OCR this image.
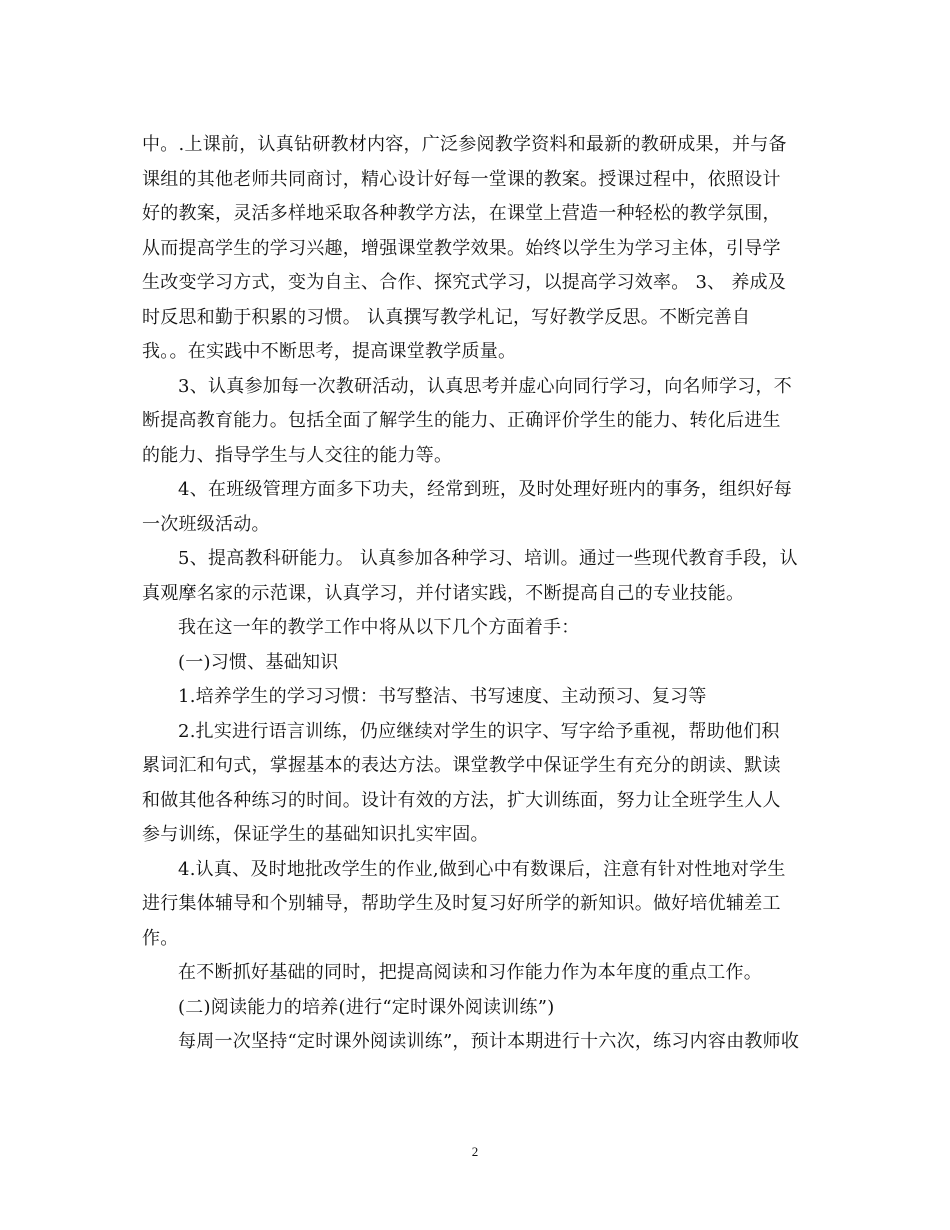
中。.上课前，认真钻研教材内容，广泛参阅教学资料和最新的教研成果，并与备
课组的其他老师共同商讨，精心设计好每一堂课的教案。授课过程中，依照设计
好的教案，灵活多样地采取各种教学方法，在课堂上营造一种轻松的教学氛围，
从而提高学生的学习兴趣，增强课堂教学效果。始终以学生为学习主体，引导学
生改变学习方式，变为自主、合作、探究式学习，以提高学习效率。 3、 养成及
时反思和勤于积累的习惯。 认真撰写教学札记，写好教学反思。不断完善自
我。。在实践中不断思考，提高课堂教学质量。
3、认真参加每一次教研活动，认真思考并虚心向同行学习，向名师学习，不
断提高教育能力。包括全面了解学生的能力、正确评价学生的能力、转化后进生
的能力、指导学生与人交往的能力等。
4、在班级管理方面多下功夫，经常到班，及时处理好班内的事务，组织好每
一次班级活动。
5、提高教科研能力。 认真参加各种学习、培训。通过一些现代教育手段，认
真观摩名家的示范课，认真学习，并付诸实践，不断提高自己的专业技能。
我在这一年的教学工作中将从以下几个方面着手：
(一)习惯、基础知识
1.培养学生的学习习惯：书写整洁、书写速度、主动预习、复习等
2.扎实进行语言训练，仍应继续对学生的识字、写字给予重视，帮助他们积
累词汇和句式，掌握基本的表达方法。课堂教学中保证学生有充分的朗读、默读
和做其他各种练习的时间。设计有效的方法，扩大训练面，努力让全班学生人人
参与训练，保证学生的基础知识扎实牢固。
4.认真、及时地批改学生的作业,做到心中有数课后，注意有针对性地对学生
进行集体辅导和个别辅导，帮助学生及时复习好所学的新知识。做好培优辅差工
作。
在不断抓好基础的同时，把提高阅读和习作能力作为本年度的重点工作。
(二)阅读能力的培养(进行“定时课外阅读训练”)
每周一次坚持“定时课外阅读训练”，预计本期进行十六次，练习内容由教师收
2
